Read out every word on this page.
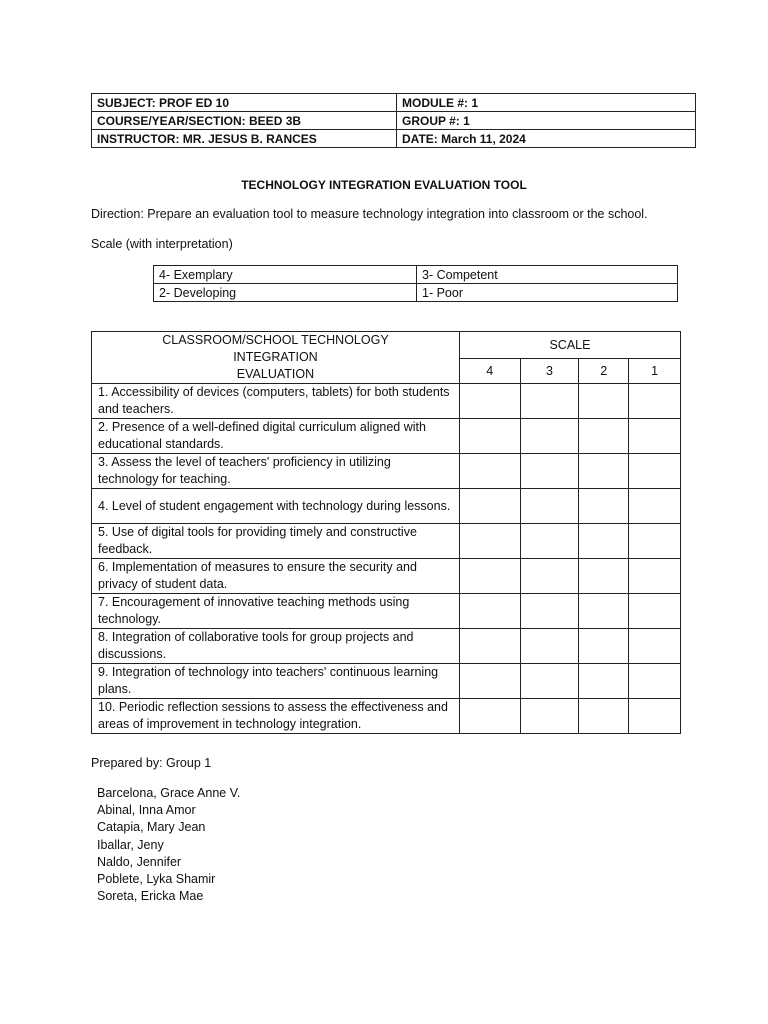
SUBJECT: PROF ED 10	MODULE #: 1
COURSE/YEAR/SECTION: BEED 3B	GROUP #: 1
INSTRUCTOR: MR. JESUS B. RANCES	DATE: March 11, 2024
TECHNOLOGY INTEGRATION EVALUATION TOOL
Direction: Prepare an evaluation tool to measure technology integration into classroom or the school.
Scale (with interpretation)
4- Exemplary	3- Competent
2- Developing	1- Poor
CLASSROOM/SCHOOL TECHNOLOGY INTEGRATION
EVALUATION	SCALE			
	4	3	2	1
1. Accessibility of devices (computers, tablets) for both students and teachers.				
2. Presence of a well-defined digital curriculum aligned with educational standards.				
3. Assess the level of teachers' proficiency in utilizing technology for teaching.				
4. Level of student engagement with technology during lessons.				
5. Use of digital tools for providing timely and constructive feedback.				
6. Implementation of measures to ensure the security and privacy of student data.				
7. Encouragement of innovative teaching methods using technology.				
8. Integration of collaborative tools for group projects and discussions.				
9. Integration of technology into teachers' continuous learning plans.				
10. Periodic reflection sessions to assess the effectiveness and areas of improvement in technology integration.				
Prepared by: Group 1
Barcelona, Grace Anne V.
Abinal, Inna Amor
Catapia, Mary Jean
Iballar, Jeny
Naldo, Jennifer
Poblete, Lyka Shamir
Soreta, Ericka Mae
